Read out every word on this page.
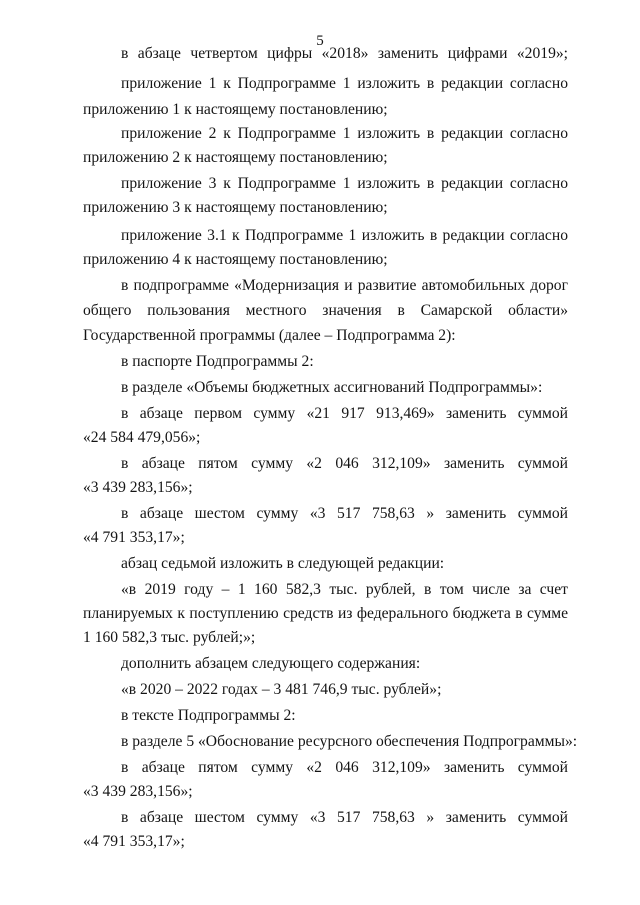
5
в абзаце четвертом цифры «2018» заменить цифрами «2019»;
приложение 1 к Подпрограмме 1 изложить в редакции согласно
приложению 1 к настоящему постановлению;
приложение 2 к Подпрограмме 1 изложить в редакции согласно
приложению 2 к настоящему постановлению;
приложение 3 к Подпрограмме 1 изложить в редакции согласно
приложению 3 к настоящему постановлению;
приложение 3.1 к Подпрограмме 1 изложить в редакции согласно
приложению 4 к настоящему постановлению;
в подпрограмме «Модернизация и развитие автомобильных дорог
общего пользования местного значения в Самарской области»
Государственной программы (далее – Подпрограмма 2):
в паспорте Подпрограммы 2:
в разделе «Объемы бюджетных ассигнований Подпрограммы»:
в абзаце первом сумму «21 917 913,469» заменить суммой
«24 584 479,056»;
в абзаце пятом сумму «2 046 312,109» заменить суммой
«3 439 283,156»;
в абзаце шестом сумму «3 517 758,63 » заменить суммой
«4 791 353,17»;
абзац седьмой изложить в следующей редакции:
«в 2019 году – 1 160 582,3 тыс. рублей, в том числе за счет
планируемых к поступлению средств из федерального бюджета в сумме
1 160 582,3 тыс. рублей;»;
дополнить абзацем следующего содержания:
«в 2020 – 2022 годах – 3 481 746,9 тыс. рублей»;
в тексте Подпрограммы 2:
в разделе 5 «Обоснование ресурсного обеспечения Подпрограммы»:
в абзаце пятом сумму «2 046 312,109» заменить суммой
«3 439 283,156»;
в абзаце шестом сумму «3 517 758,63 » заменить суммой
«4 791 353,17»;
